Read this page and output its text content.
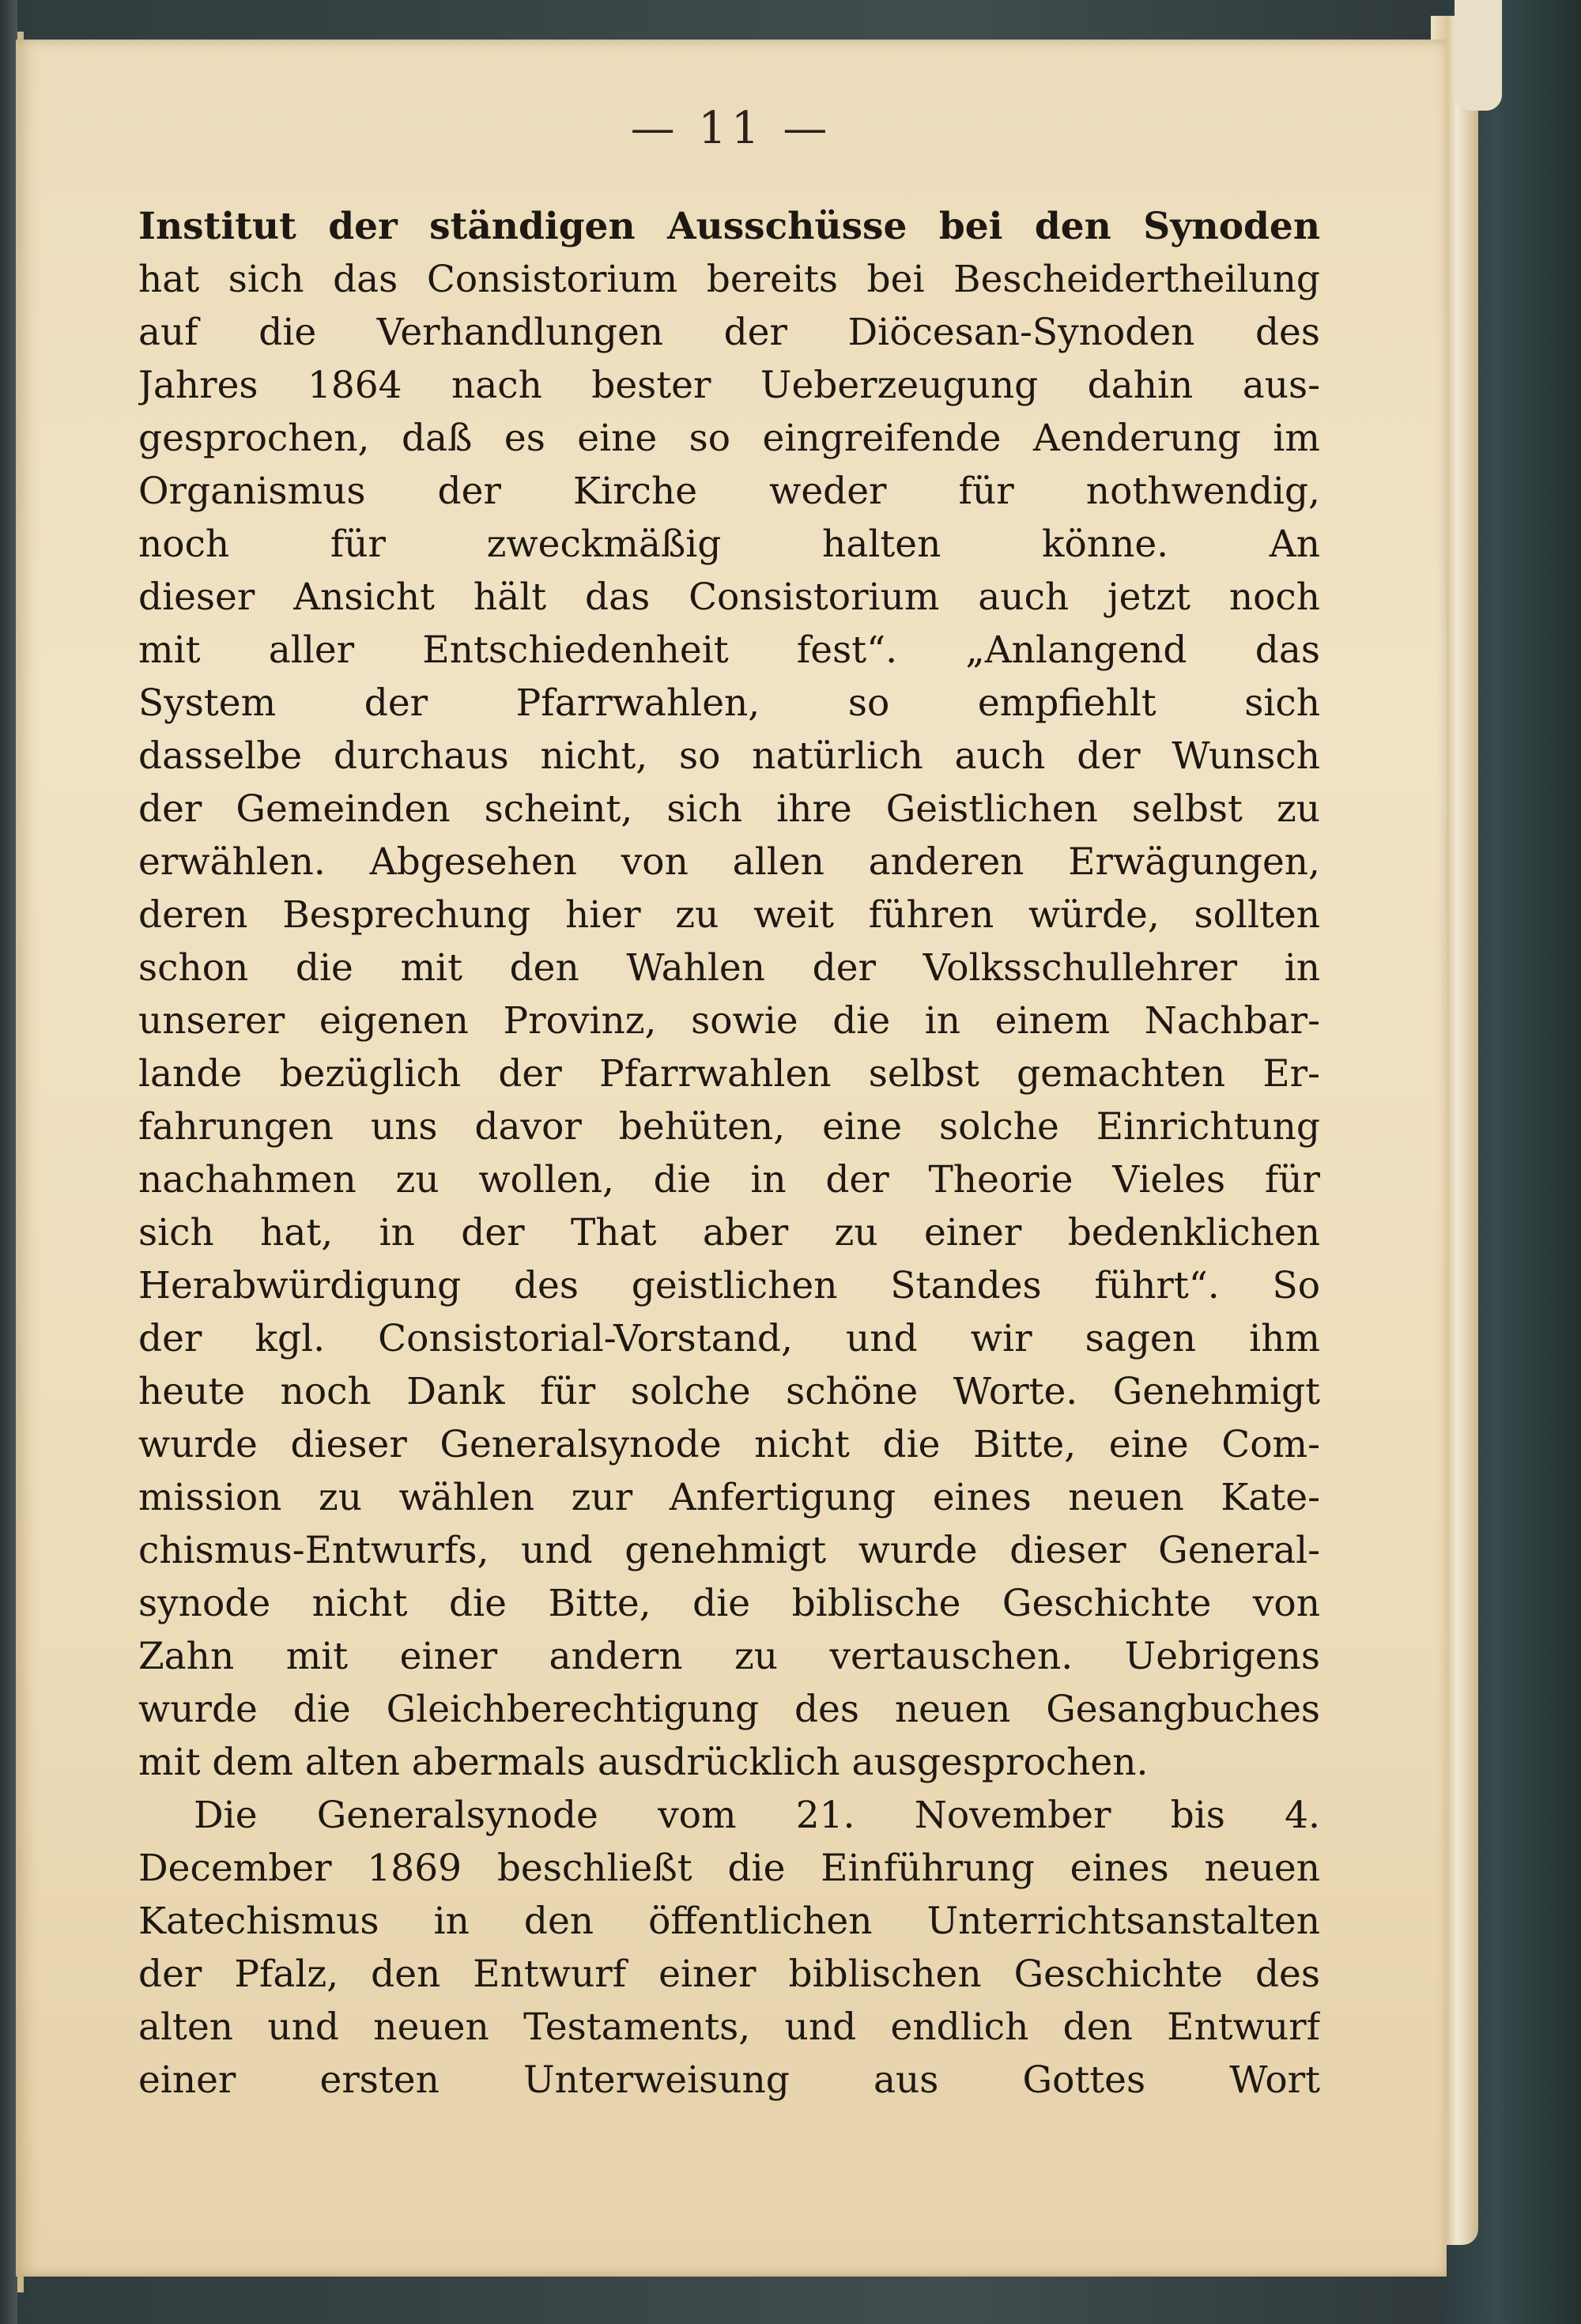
— 11 —
Institut der ständigen Ausschüsse bei den Synoden
hat sich das Consistorium bereits bei Bescheidertheilung
auf die Verhandlungen der Diöcesan-Synoden des
Jahres 1864 nach bester Ueberzeugung dahin aus-
gesprochen, daß es eine so eingreifende Aenderung im
Organismus der Kirche weder für nothwendig,
noch für zweckmäßig halten könne. An
dieser Ansicht hält das Consistorium auch jetzt noch
mit aller Entschiedenheit fest“. „Anlangend das
System der Pfarrwahlen, so empfiehlt sich
dasselbe durchaus nicht, so natürlich auch der Wunsch
der Gemeinden scheint, sich ihre Geistlichen selbst zu
erwählen. Abgesehen von allen anderen Erwägungen,
deren Besprechung hier zu weit führen würde, sollten
schon die mit den Wahlen der Volksschullehrer in
unserer eigenen Provinz, sowie die in einem Nachbar-
lande bezüglich der Pfarrwahlen selbst gemachten Er-
fahrungen uns davor behüten, eine solche Einrichtung
nachahmen zu wollen, die in der Theorie Vieles für
sich hat, in der That aber zu einer bedenklichen
Herabwürdigung des geistlichen Standes führt“. So
der kgl. Consistorial-Vorstand, und wir sagen ihm
heute noch Dank für solche schöne Worte. Genehmigt
wurde dieser Generalsynode nicht die Bitte, eine Com-
mission zu wählen zur Anfertigung eines neuen Kate-
chismus-Entwurfs, und genehmigt wurde dieser General-
synode nicht die Bitte, die biblische Geschichte von
Zahn mit einer andern zu vertauschen. Uebrigens
wurde die Gleichberechtigung des neuen Gesangbuches
mit dem alten abermals ausdrücklich ausgesprochen.
Die Generalsynode vom 21. November bis 4.
December 1869 beschließt die Einführung eines neuen
Katechismus in den öffentlichen Unterrichtsanstalten
der Pfalz, den Entwurf einer biblischen Geschichte des
alten und neuen Testaments, und endlich den Entwurf
einer ersten Unterweisung aus Gottes Wort
